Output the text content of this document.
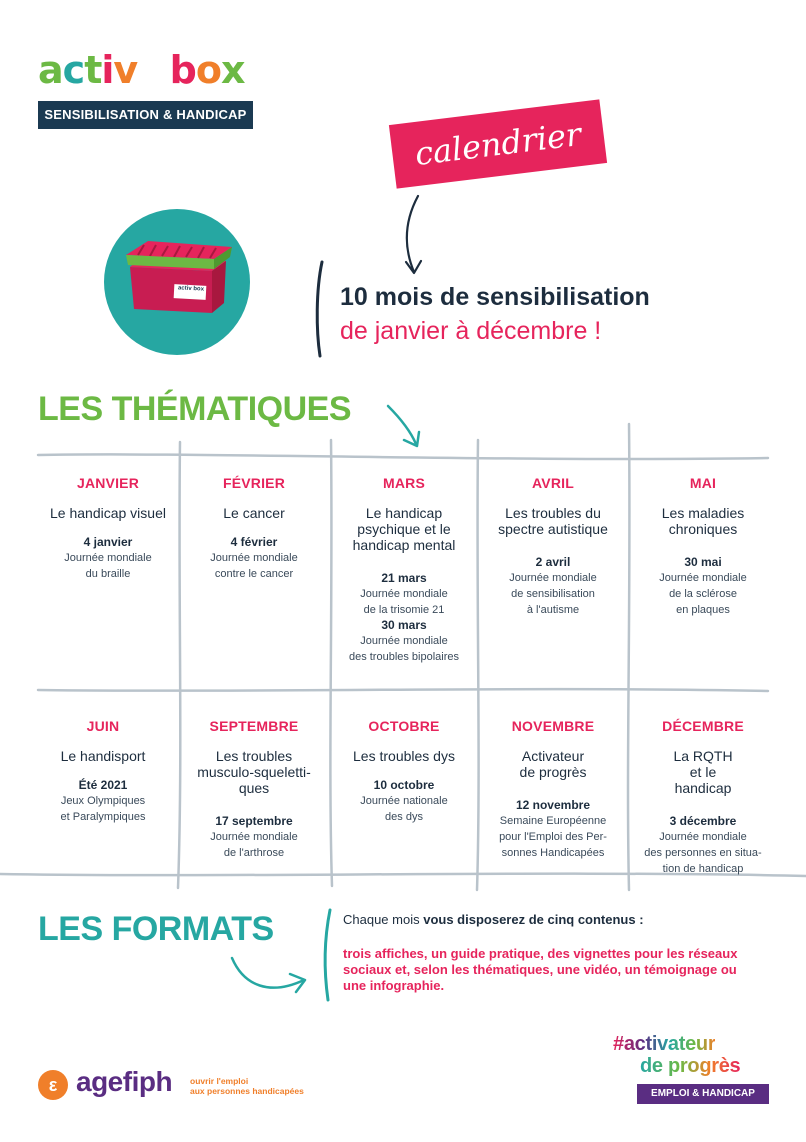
activ box
SENSIBILISATION & HANDICAP
calendrier
activ box	10 mois de sensibilisation
de janvier à décembre !
LES THÉMATIQUES
JANVIER
Le handicap visuel
4 janvier
Journée mondiale
du braille
FÉVRIER
Le cancer
4 février
Journée mondiale
contre le cancer
MARS
Le handicap psychique et le handicap mental
21 mars
Journée mondiale
de la trisomie 21
30 mars
Journée mondiale
des troubles bipolaires
AVRIL
Les troubles du spectre autistique
2 avril
Journée mondiale
de sensibilisation
à l'autisme
MAI
Les maladies chroniques
30 mai
Journée mondiale
de la sclérose
en plaques
JUIN
Le handisport
Été 2021
Jeux Olympiques
et Paralympiques
SEPTEMBRE
Les troubles musculo-squeletti-ques
17 septembre
Journée mondiale
de l'arthrose
OCTOBRE
Les troubles dys
10 octobre
Journée nationale
des dys
NOVEMBRE
Activateur de progrès
12 novembre
Semaine Européenne
pour l'Emploi des Per-
sonnes Handicapées
DÉCEMBRE
La RQTH et le handicap
3 décembre
Journée mondiale
des personnes en situa-
tion de handicap
LES FORMATS	Chaque mois vous disposerez de cinq contenus :
trois affiches, un guide pratique, des vignettes pour les réseaux sociaux et, selon les thématiques, une vidéo, un témoignage ou une infographie.
ε agefiph ouvrir l'emploi
aux personnes handicapées
#activateur
de progrès
EMPLOI & HANDICAP
